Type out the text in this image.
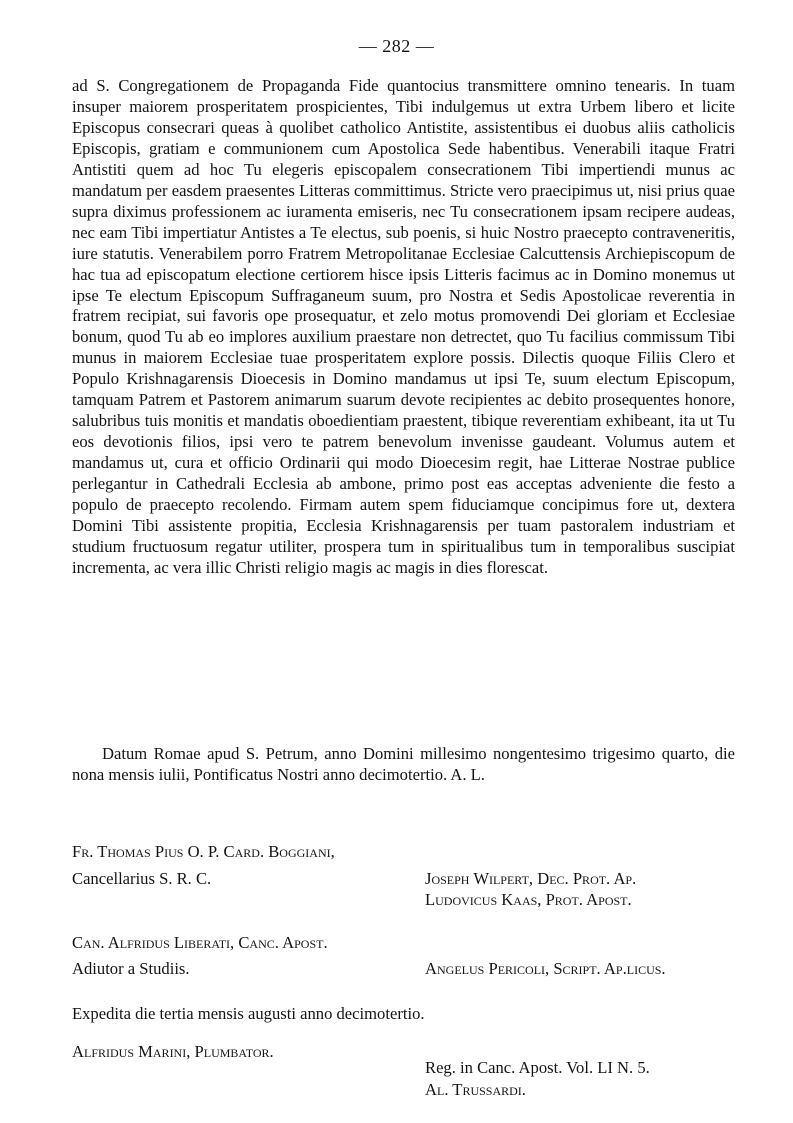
— 282 —

ad S. Congregationem de Propaganda Fide quantocius transmittere omnino tenearis. In tuam insuper maiorem prosperitatem prospicientes, Tibi indulgemus ut extra Urbem libero et licite Episcopus consecrari queas à quolibet catholico Antistite, assistentibus ei duobus aliis catholicis Episcopis, gratiam e communionem cum Apostolica Sede habentibus. Venerabili itaque Fratri Antistiti quem ad hoc Tu elegeris episcopalem consecrationem Tibi impertiendi munus ac mandatum per easdem praesentes Litteras committimus. Stricte vero praecipimus ut, nisi prius quae supra diximus professionem ac iuramenta emiseris, nec Tu consecrationem ipsam recipere audeas, nec eam Tibi impertiatur Antistes a Te electus, sub poenis, si huic Nostro praecepto contraveneritis, iure statutis. Venerabilem porro Fratrem Metropolitanae Ecclesiae Calcuttensis Archiepiscopum de hac tua ad episcopatum electione certiorem hisce ipsis Litteris facimus ac in Domino monemus ut ipse Te electum Episcopum Suffraganeum suum, pro Nostra et Sedis Apostolicae reverentia in fratrem recipiat, sui favoris ope prosequatur, et zelo motus promovendi Dei gloriam et Ecclesiae bonum, quod Tu ab eo implores auxilium praestare non detrectet, quo Tu facilius commissum Tibi munus in maiorem Ecclesiae tuae prosperitatem explore possis. Dilectis quoque Filiis Clero et Populo Krishnagarensis Dioecesis in Domino mandamus ut ipsi Te, suum electum Episcopum, tamquam Patrem et Pastorem animarum suarum devote recipientes ac debito prosequentes honore, salubribus tuis monitis et mandatis oboedientiam praestent, tibique reverentiam exhibeant, ita ut Tu eos devotionis filios, ipsi vero te patrem benevolum invenisse gaudeant. Volumus autem et mandamus ut, cura et officio Ordinarii qui modo Dioecesim regit, hae Litterae Nostrae publice perlegantur in Cathedrali Ecclesia ab ambone, primo post eas acceptas adveniente die festo a populo de praecepto recolendo. Firmam autem spem fiduciamque concipimus fore ut, dextera Domini Tibi assistente propitia, Ecclesia Krishnagarensis per tuam pastoralem industriam et studium fructuosum regatur utiliter, prospera tum in spiritualibus tum in temporalibus suscipiat incrementa, ac vera illic Christi religio magis ac magis in dies florescat.

Datum Romae apud S. Petrum, anno Domini millesimo nongentesimo trigesimo quarto, die nona mensis iulii, Pontificatus Nostri anno decimotertio. A. L.

Fr. Thomas Pius O. P. Card. Boggiani,
Cancellarius S. R. C.	Joseph Wilpert, Dec. Prot. Ap.
Ludovicus Kaas, Prot. Apost.
Can. Alfridus Liberati, Canc. Apost.
Adiutor a Studiis.	Angelus Pericoli, Script. Ap.licus.
Expedita die tertia mensis augusti anno decimotertio.
Alfridus Marini, Plumbator.
Reg. in Canc. Apost. Vol. LI N. 5.
Al. Trussardi.
